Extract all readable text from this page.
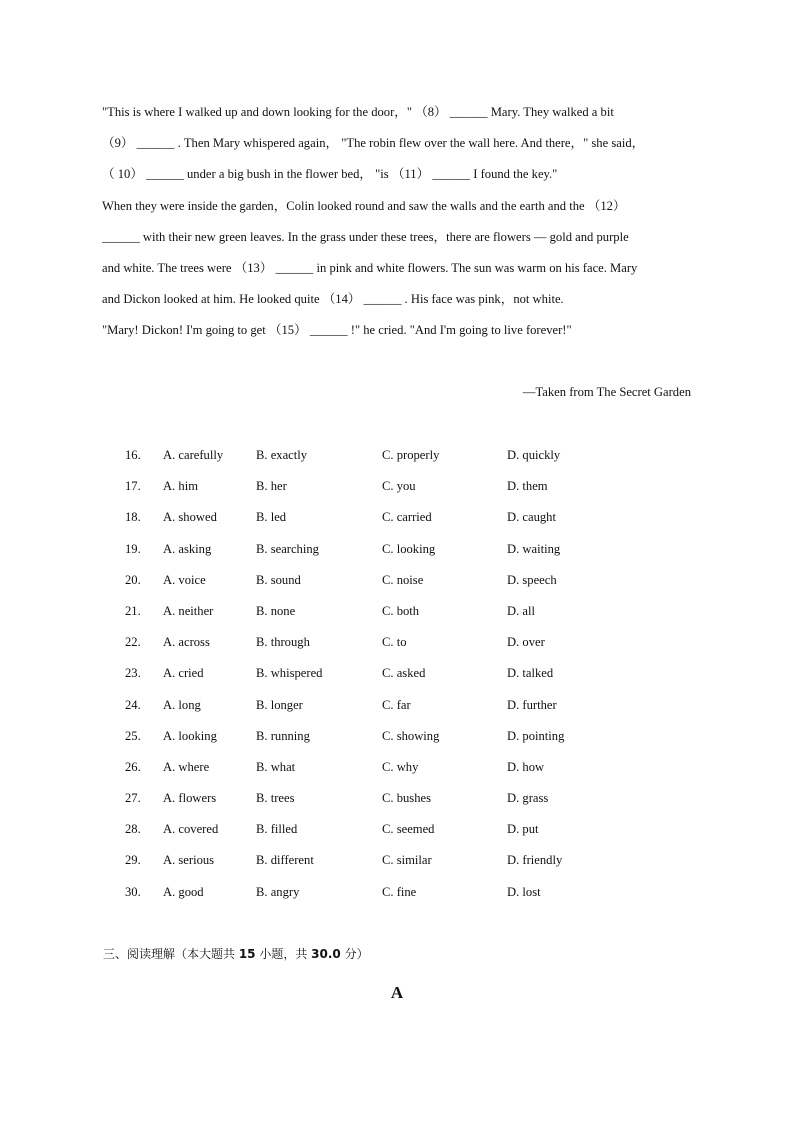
"This is where I walked up and down looking for the door，" （8） ______ Mary. They walked a bit
（9） ______ . Then Mary whispered again， "The robin flew over the wall here. And there，" she said，
（ 10） ______ under a big bush in the flower bed， "is （11） ______ I found the key."
When they were inside the garden，Colin looked round and saw the walls and the earth and the （12）
______ with their new green leaves. In the grass under these trees，there are flowers — gold and purple
and white. The trees were （13） ______ in pink and white flowers. The sun was warm on his face. Mary
and Dickon looked at him. He looked quite （14） ______ . His face was pink，not white.
"Mary! Dickon! I'm going to get （15） ______ !" he cried. "And I'm going to live forever!"
—Taken from The Secret Garden
16. A. carefully	B. exactly	C. properly	D. quickly
17. A. him	B. her	C. you	D. them
18. A. showed	B. led	C. carried	D. caught
19. A. asking	B. searching	C. looking	D. waiting
20. A. voice	B. sound	C. noise	D. speech
21. A. neither	B. none	C. both	D. all
22. A. across	B. through	C. to	D. over
23. A. cried	B. whispered	C. asked	D. talked
24. A. long	B. longer	C. far	D. further
25. A. looking	B. running	C. showing	D. pointing
26. A. where	B. what	C. why	D. how
27. A. flowers	B. trees	C. bushes	D. grass
28. A. covered	B. filled	C. seemed	D. put
29. A. serious	B. different	C. similar	D. friendly
30. A. good	B. angry	C. fine	D. lost
三、阅读理解（本大题共 15 小题，共 30.0 分）
A
